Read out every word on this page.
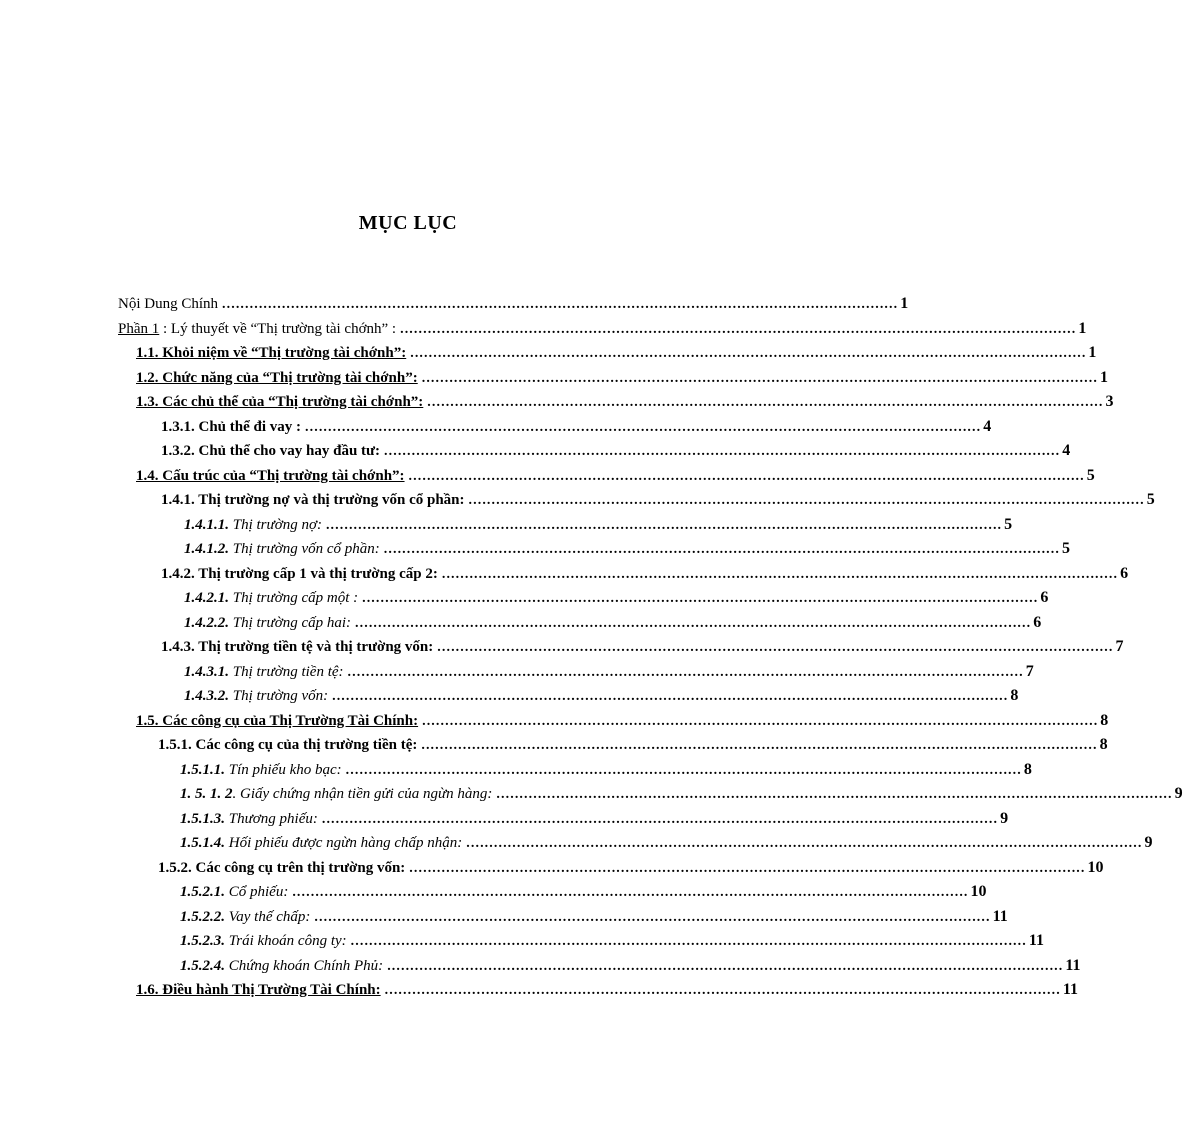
MỤC LỤC
Nội Dung Chính ................................................................................................................................................... 1
Phần 1 : Lý thuyết về “Thị trường tài chớnh” : ................................................................................................................................................... 1
1.1. Khỏi niệm về “Thị trường tài chớnh”: ................................................................................................................................................... 1
1.2. Chức năng của “Thị trường tài chớnh”: ................................................................................................................................................... 1
1.3. Các chủ thể của “Thị trường tài chớnh”: ................................................................................................................................................... 3
1.3.1. Chủ thể đi vay : ................................................................................................................................................... 4
1.3.2. Chủ thể cho vay hay đầu tư: ................................................................................................................................................... 4
1.4. Cấu trúc của “Thị trường tài chớnh”: ................................................................................................................................................... 5
1.4.1. Thị trường nợ và thị trường vốn cổ phần: ................................................................................................................................................... 5
1.4.1.1. Thị trường nợ: ................................................................................................................................................... 5
1.4.1.2. Thị trường vốn cổ phần: ................................................................................................................................................... 5
1.4.2. Thị trường cấp 1 và thị trường cấp 2: ................................................................................................................................................... 6
1.4.2.1. Thị trường cấp một : ................................................................................................................................................... 6
1.4.2.2. Thị trường cấp hai: ................................................................................................................................................... 6
1.4.3. Thị trường tiền tệ và thị trường vốn: ................................................................................................................................................... 7
1.4.3.1. Thị trường tiền tệ: ................................................................................................................................................... 7
1.4.3.2. Thị trường vốn: ................................................................................................................................................... 8
1.5. Các công cụ của Thị Trường Tài Chính: ................................................................................................................................................... 8
1.5.1. Các công cụ của thị trường tiền tệ: ................................................................................................................................................... 8
1.5.1.1. Tín phiếu kho bạc: ................................................................................................................................................... 8
1. 5. 1. 2. Giấy chứng nhận tiền gửi của ngừn hàng: ................................................................................................................................................... 9
1.5.1.3. Thương phiếu: ................................................................................................................................................... 9
1.5.1.4. Hối phiếu được ngừn hàng chấp nhận: ................................................................................................................................................... 9
1.5.2. Các công cụ trên thị trường vốn: ................................................................................................................................................... 10
1.5.2.1. Cổ phiếu: ................................................................................................................................................... 10
1.5.2.2. Vay thế chấp: ................................................................................................................................................... 11
1.5.2.3. Trái khoán công ty: ................................................................................................................................................... 11
1.5.2.4. Chứng khoán Chính Phủ: ................................................................................................................................................... 11
1.6. Điều hành Thị Trường Tài Chính: ................................................................................................................................................... 11
